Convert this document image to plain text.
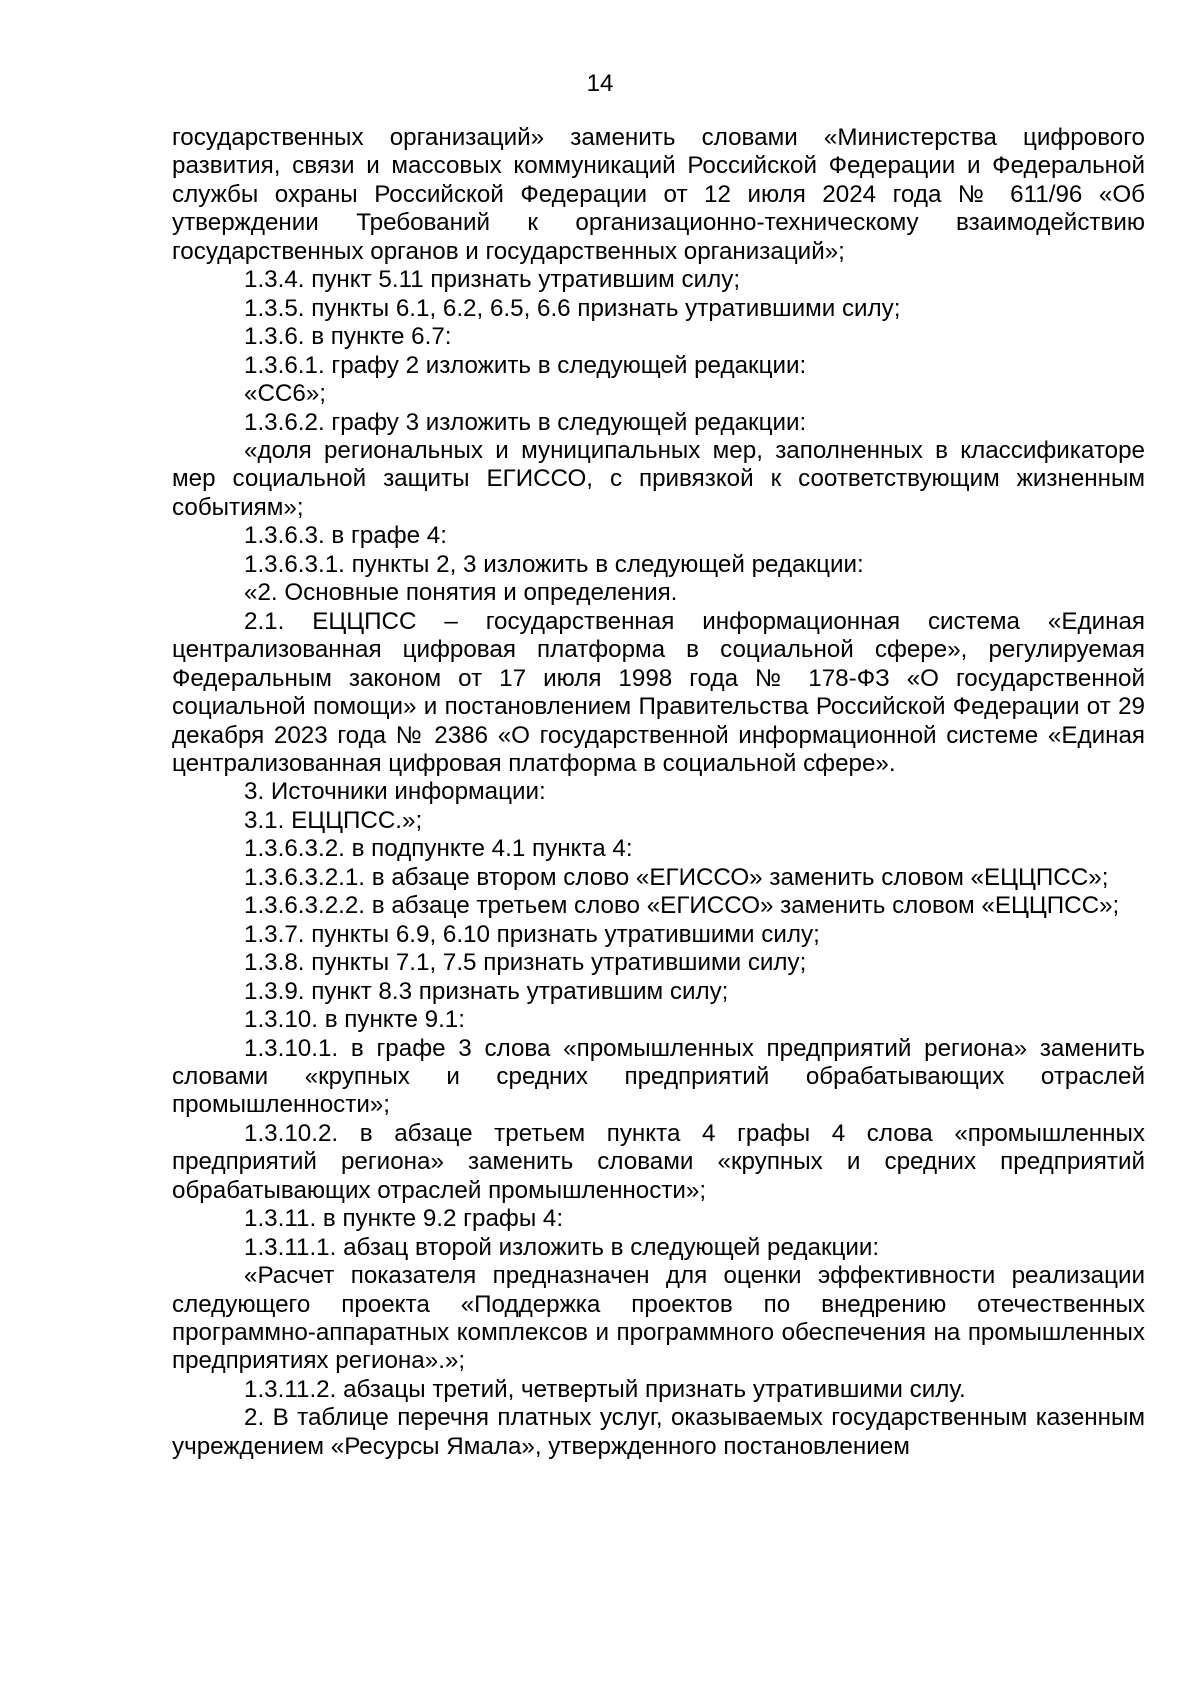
14

государственных организаций» заменить словами «Министерства цифрового развития, связи и массовых коммуникаций Российской Федерации и Федеральной службы охраны Российской Федерации от 12 июля 2024 года № 611/96 «Об утверждении Требований к организационно-техническому взаимодействию государственных органов и государственных организаций»;

1.3.4. пункт 5.11 признать утратившим силу;

1.3.5. пункты 6.1, 6.2, 6.5, 6.6 признать утратившими силу;

1.3.6. в пункте 6.7:

1.3.6.1. графу 2 изложить в следующей редакции:

«СС6»;

1.3.6.2. графу 3 изложить в следующей редакции:

«доля региональных и муниципальных мер, заполненных в классификаторе мер социальной защиты ЕГИССО, с привязкой к соответствующим жизненным событиям»;

1.3.6.3. в графе 4:

1.3.6.3.1. пункты 2, 3 изложить в следующей редакции:

«2. Основные понятия и определения.

2.1. ЕЦЦПСС – государственная информационная система «Единая централизованная цифровая платформа в социальной сфере», регулируемая Федеральным законом от 17 июля 1998 года № 178-ФЗ «О государственной социальной помощи» и постановлением Правительства Российской Федерации от 29 декабря 2023 года № 2386 «О государственной информационной системе «Единая централизованная цифровая платформа в социальной сфере».

3. Источники информации:

3.1. ЕЦЦПСС.»;

1.3.6.3.2. в подпункте 4.1 пункта 4:

1.3.6.3.2.1. в абзаце втором слово «ЕГИССО» заменить словом «ЕЦЦПСС»;

1.3.6.3.2.2. в абзаце третьем слово «ЕГИССО» заменить словом «ЕЦЦПСС»;

1.3.7. пункты 6.9, 6.10 признать утратившими силу;

1.3.8. пункты 7.1, 7.5 признать утратившими силу;

1.3.9. пункт 8.3 признать утратившим силу;

1.3.10. в пункте 9.1:

1.3.10.1. в графе 3 слова «промышленных предприятий региона» заменить словами «крупных и средних предприятий обрабатывающих отраслей промышленности»;

1.3.10.2. в абзаце третьем пункта 4 графы 4 слова «промышленных предприятий региона» заменить словами «крупных и средних предприятий обрабатывающих отраслей промышленности»;

1.3.11. в пункте 9.2 графы 4:

1.3.11.1. абзац второй изложить в следующей редакции:

«Расчет показателя предназначен для оценки эффективности реализации следующего проекта «Поддержка проектов по внедрению отечественных программно-аппаратных комплексов и программного обеспечения на промышленных предприятиях региона».»;

1.3.11.2. абзацы третий, четвертый признать утратившими силу.

2. В таблице перечня платных услуг, оказываемых государственным казенным учреждением «Ресурсы Ямала», утвержденного постановлением
